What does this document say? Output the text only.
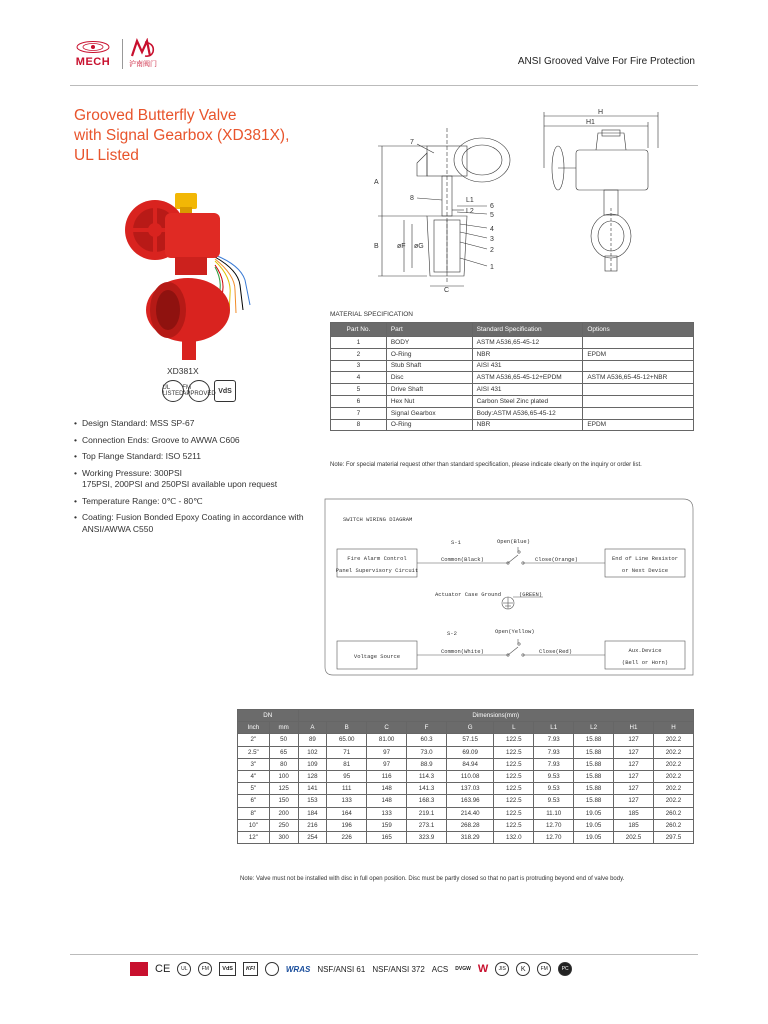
MECH	沪南阀门	ANSI Grooved Valve For Fire Protection
Grooved Butterfly Valve
with Signal Gearbox (XD381X),
UL Listed
XD381X
UL LISTED
FM APPROVED VdS
• Design Standard: MSS SP-67
• Connection Ends: Groove to AWWA C606
• Top Flange Standard: ISO 5211
• Working Pressure: 300PSI
175PSI, 200PSI and 250PSI available upon request
• Temperature Range: 0℃ - 80℃
• Coating: Fusion Bonded Epoxy Coating in accordance with
ANSI/AWWA C550
7
8
6
5
4
3
2
1
L2
L1
A
B	øF øG
C
H
H1
MATERIAL SPECIFICATION
Part No.	Part	Standard Specification	Options
1	BODY	ASTM A536,65-45-12	
2	O-Ring	NBR	EPDM
3	Stub Shaft	AISI 431	
4	Disc	ASTM A536,65-45-12+EPDM	ASTM A536,65-45-12+NBR
5	Drive Shaft	AISI 431	
6	Hex Nut	Carbon Steel Zinc plated	
7	Signal Gearbox	Body:ASTM A536,65-45-12	
8	O-Ring	NBR	EPDM
Note: For special material request other than standard specification, please indicate clearly on the inquiry or order list.
SWITCH WIRING DIAGRAM
Fire Alarm Control
Panel Supervisory Circuit
S-1	Open(Blue)
Common(Black)	Close(Orange)	End of Line Resistor
or Next Device
Actuator Case Ground	(GREEN)
S-2	Open(Yellow)
Common(White)	Close(Red)
Voltage Source
Aux.Device
(Bell or Horn)
DN		Dimensions(mm)									
Inch	mm	A	B	C	F	G	L	L1	L2	H1	H
2"	50	89	65.00	81.00	60.3	57.15	122.5	7.93	15.88	127	202.2
2.5"	65	102	71	97	73.0	69.09	122.5	7.93	15.88	127	202.2
3"	80	109	81	97	88.9	84.94	122.5	7.93	15.88	127	202.2
4"	100	128	95	116	114.3	110.08	122.5	9.53	15.88	127	202.2
5"	125	141	111	148	141.3	137.03	122.5	9.53	15.88	127	202.2
6"	150	153	133	148	168.3	163.96	122.5	9.53	15.88	127	202.2
8"	200	184	164	133	219.1	214.40	122.5	11.10	19.05	185	260.2
10"	250	216	196	159	273.1	268.28	122.5	12.70	19.05	185	260.2
12"	300	254	226	165	323.9	318.29	132.0	12.70	19.05	202.5	297.5
Note: Valve must not be installed with disc in full open position. Disc must be partly closed so that no part is protruding beyond end of valve body.
CE	UL	FM	VdS	KFI	WRAS NSF/ANSI 61 NSF/ANSI 372 ACS DVGW W	JIS	K	FM	PC
